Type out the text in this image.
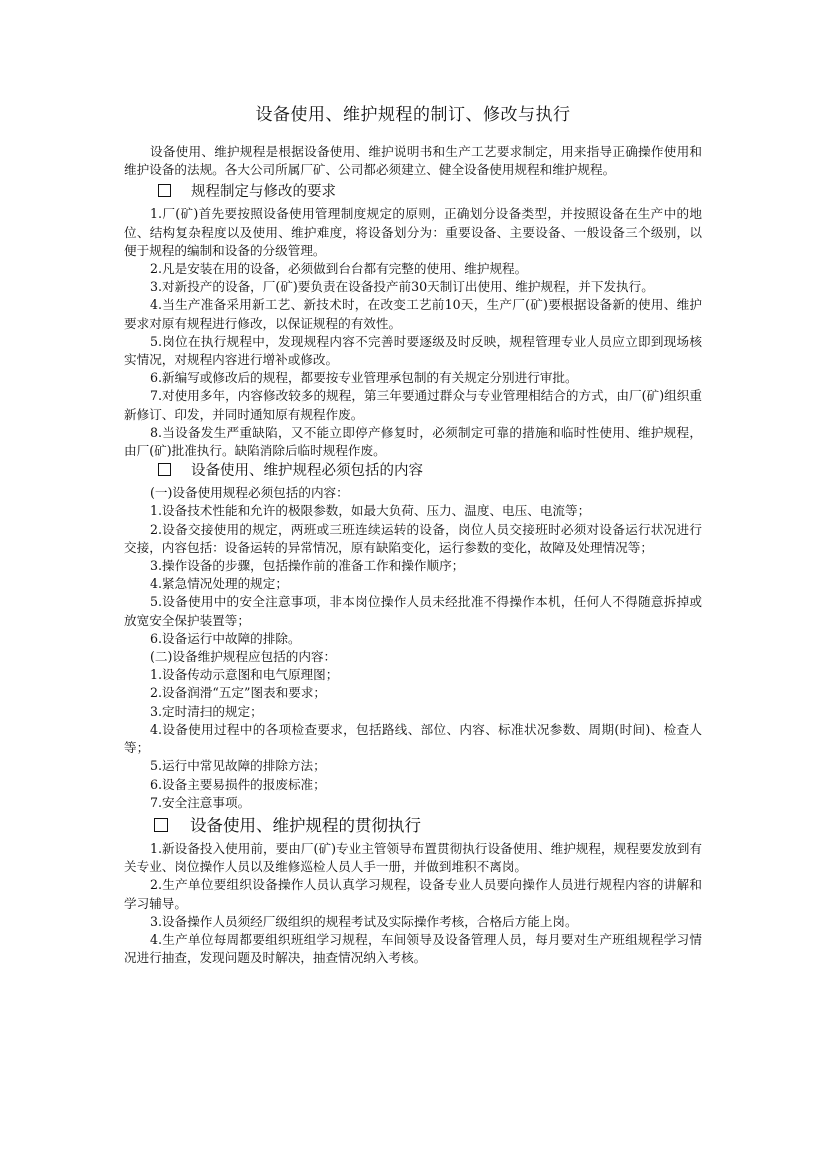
设备使用、维护规程的制订、修改与执行

设备使用、维护规程是根据设备使用、维护说明书和生产工艺要求制定，用来指导正确操作使用和维护设备的法规。各大公司所属厂矿、公司都必须建立、健全设备使用规程和维护规程。

规程制定与修改的要求

1.厂(矿)首先要按照设备使用管理制度规定的原则，正确划分设备类型，并按照设备在生产中的地位、结构复杂程度以及使用、维护难度，将设备划分为：重要设备、主要设备、一般设备三个级别，以便于规程的编制和设备的分级管理。

2.凡是安装在用的设备，必须做到台台都有完整的使用、维护规程。

3.对新投产的设备，厂(矿)要负责在设备投产前30天制订出使用、维护规程，并下发执行。

4.当生产准备采用新工艺、新技术时，在改变工艺前10天，生产厂(矿)要根据设备新的使用、维护要求对原有规程进行修改，以保证规程的有效性。

5.岗位在执行规程中，发现规程内容不完善时要逐级及时反映，规程管理专业人员应立即到现场核实情况，对规程内容进行增补或修改。

6.新编写或修改后的规程，都要按专业管理承包制的有关规定分别进行审批。

7.对使用多年，内容修改较多的规程，第三年要通过群众与专业管理相结合的方式，由厂(矿)组织重新修订、印发，并同时通知原有规程作废。

8.当设备发生严重缺陷，又不能立即停产修复时，必须制定可靠的措施和临时性使用、维护规程，由厂(矿)批准执行。缺陷消除后临时规程作废。

设备使用、维护规程必须包括的内容

(一)设备使用规程必须包括的内容：

1.设备技术性能和允许的极限参数，如最大负荷、压力、温度、电压、电流等；

2.设备交接使用的规定，两班或三班连续运转的设备，岗位人员交接班时必须对设备运行状况进行交接，内容包括：设备运转的异常情况，原有缺陷变化，运行参数的变化，故障及处理情况等；

3.操作设备的步骤，包括操作前的准备工作和操作顺序；

4.紧急情况处理的规定；

5.设备使用中的安全注意事项，非本岗位操作人员未经批准不得操作本机，任何人不得随意拆掉或放宽安全保护装置等；

6.设备运行中故障的排除。

(二)设备维护规程应包括的内容：

1.设备传动示意图和电气原理图；

2.设备润滑“五定”图表和要求；

3.定时清扫的规定；

4.设备使用过程中的各项检查要求，包括路线、部位、内容、标准状况参数、周期(时间)、检查人等；

5.运行中常见故障的排除方法；

6.设备主要易损件的报废标准；

7.安全注意事项。

设备使用、维护规程的贯彻执行

1.新设备投入使用前，要由厂(矿)专业主管领导布置贯彻执行设备使用、维护规程，规程要发放到有关专业、岗位操作人员以及维修巡检人员人手一册，并做到堆积不离岗。

2.生产单位要组织设备操作人员认真学习规程，设备专业人员要向操作人员进行规程内容的讲解和学习辅导。

3.设备操作人员须经厂级组织的规程考试及实际操作考核，合格后方能上岗。

4.生产单位每周都要组织班组学习规程，车间领导及设备管理人员，每月要对生产班组规程学习情况进行抽查，发现问题及时解决，抽查情况纳入考核。
